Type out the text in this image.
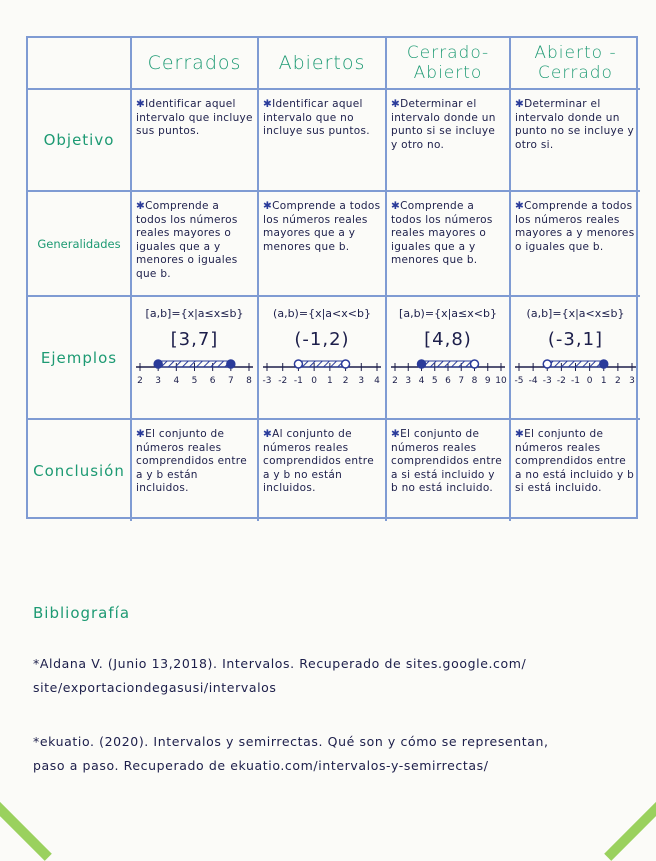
Cerrados Abiertos Cerrado-
Abierto
Abierto -
Cerrado
Objetivo
✱Identificar aquel intervalo que incluye sus puntos.
✱Identificar aquel intervalo que no incluye sus puntos.
✱Determinar el intervalo donde un punto si se incluye y otro no.
✱Determinar el intervalo donde un punto no se incluye y otro si.
Generalidades
✱Comprende a todos los números reales mayores o iguales que a y menores o iguales que b.
✱Comprende a todos los números reales mayores que a y menores que b.
✱Comprende a todos los números reales mayores o iguales que a y menores que b.
✱Comprende a todos los números reales mayores a y menores o iguales que b.
Ejemplos
[a,b]={x|a≤x≤b}
[3,7]
2 3 4 5 6 7 8
(a,b)={x|a<x<b}
(-1,2)
-3 -2 -1 0 1 2 3 4
[a,b)={x|a≤x<b}
[4,8)
2 3 4 5 6 7 8 9 10
(a,b]={x|a<x≤b}
(-3,1]
-5 -4 -3 -2 -1 0 1 2 3
Conclusión
✱El conjunto de números reales comprendidos entre a y b están incluidos.
✱Al conjunto de números reales comprendidos entre a y b no están incluidos.
✱El conjunto de números reales comprendidos entre a si está incluido y b no está incluido.
✱El conjunto de números reales comprendidos entre a no está incluido y b si está incluido.
Bibliografía
*Aldana V. (Junio 13,2018). Intervalos. Recuperado de sites.google.com/
site/exportaciondegasusi/intervalos
*ekuatio. (2020). Intervalos y semirrectas. Qué son y cómo se representan,
paso a paso. Recuperado de ekuatio.com/intervalos-y-semirrectas/
